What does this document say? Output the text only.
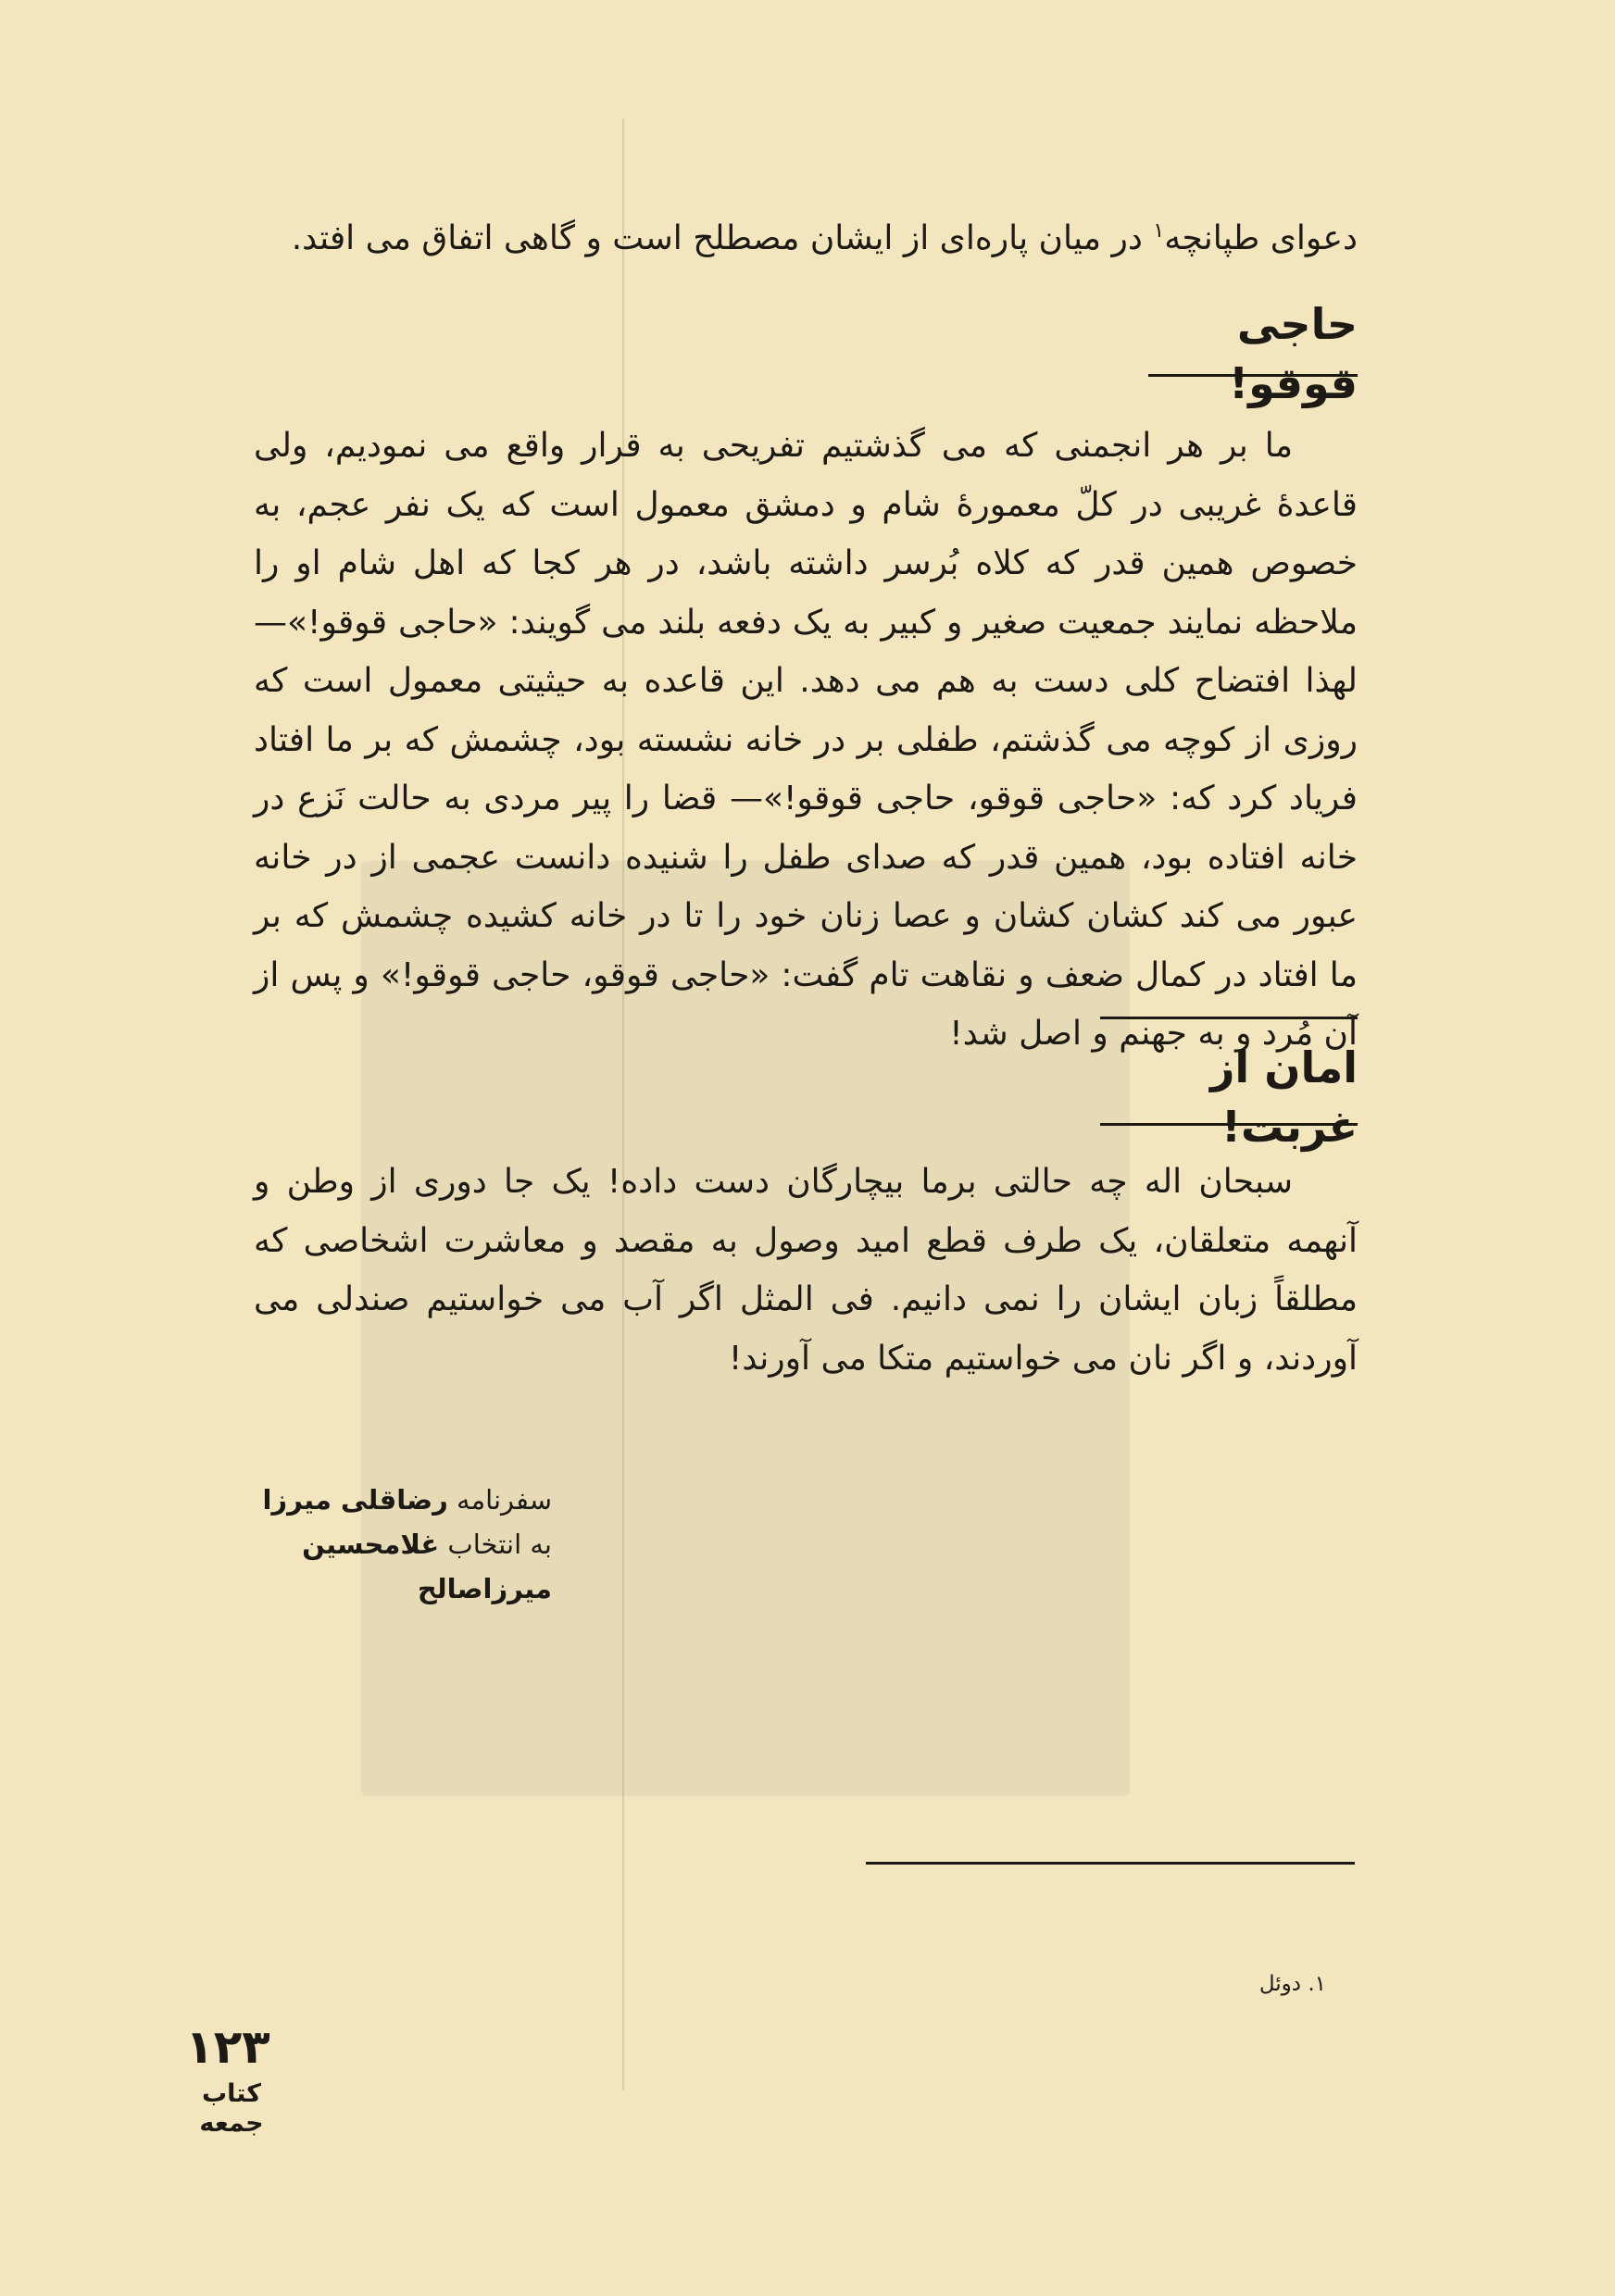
دعوای طپانچه$^۱$ در میان پاره‌ای از ایشان مصطلح است و گاهی اتفاق می افتد.
حاجی قوقو!
ما بر هر انجمنی که می گذشتیم تفریحی به قرار واقع می نمودیم، ولی قاعدهٔ غریبی در کلّ معمورهٔ شام و دمشق معمول است که یک نفر عجم، به خصوص همین قدر که کلاه بُرسر داشته باشد، در هر کجا که اهل شام او را ملاحظه نمایند جمعیت صغیر و کبیر به یک دفعه بلند می گویند: «حاجی قوقو!»— لهذا افتضاح کلی دست به هم می دهد. این قاعده به حیثیتی معمول است که روزی از کوچه می گذشتم، طفلی بر در خانه نشسته بود، چشمش که بر ما افتاد فریاد کرد که: «حاجی قوقو، حاجی قوقو!»— قضا را پیر مردی به حالت نَزع در خانه افتاده بود، همین قدر که صدای طفل را شنیده دانست عجمی از در خانه عبور می کند کشان کشان و عصا زنان خود را تا در خانه کشیده چشمش که بر ما افتاد در کمال ضعف و نقاهت تام گفت: «حاجی قوقو، حاجی قوقو!» و پس از آن مُرد و به جهنم و اصل شد!
امان از غربت!
سبحان اله چه حالتی برما بیچارگان دست داده! یک جا دوری از وطن و آنهمه متعلقان، یک طرف قطع امید وصول به مقصد و معاشرت اشخاصی که مطلقاً زبان ایشان را نمی دانیم. فی المثل اگر آب می خواستیم صندلی می آوردند، و اگر نان می خواستیم متکا می آورند!
سفرنامه رضاقلی میرزا
به انتخاب غلامحسین میرزاصالح
۱. دوئل
۱۲۳
کتاب جمعه
